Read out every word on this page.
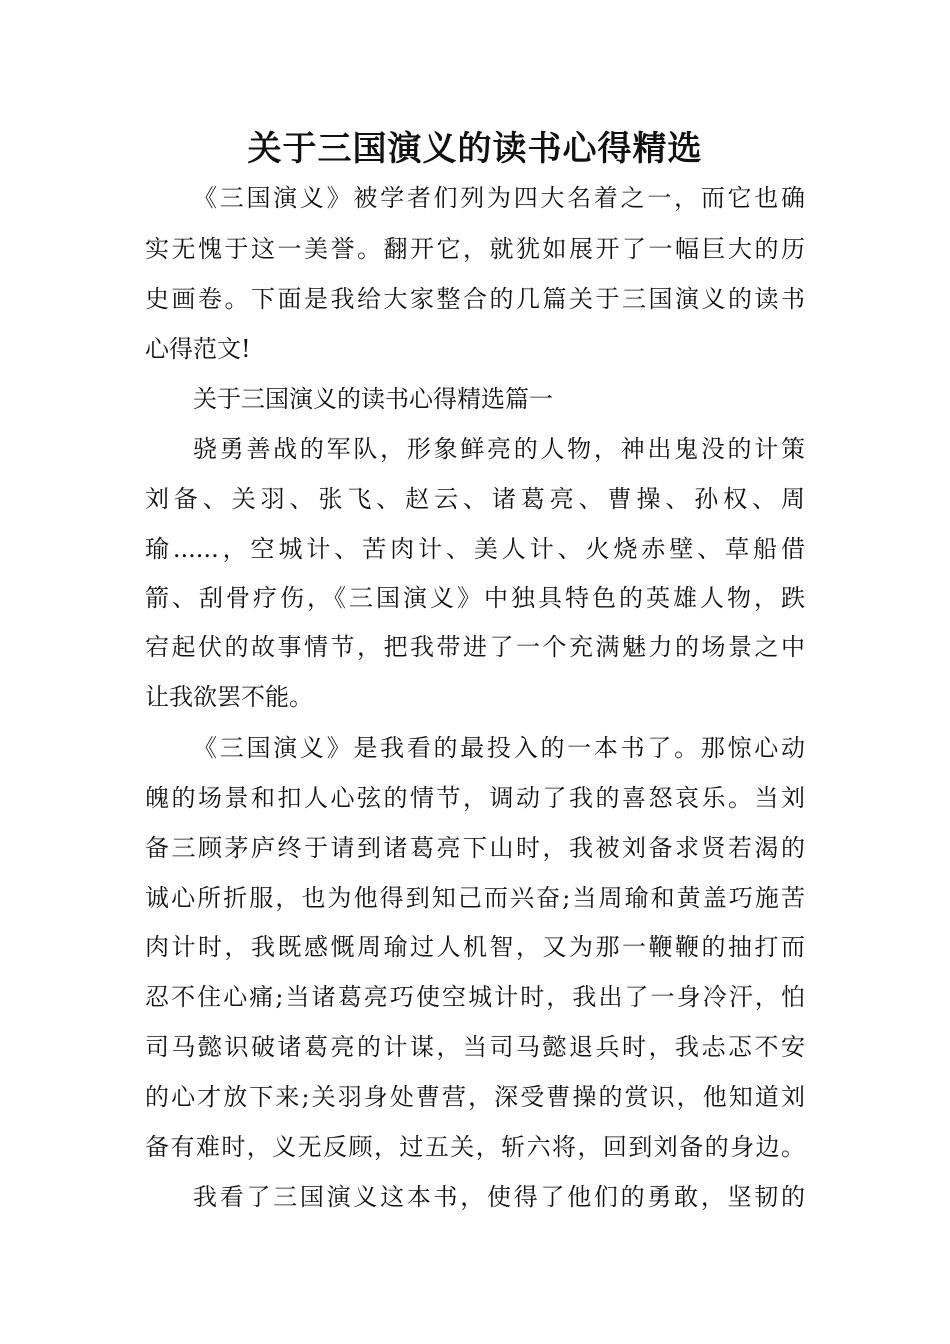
关于三国演义的读书心得精选
《三国演义》被学者们列为四大名着之一，而它也确
实无愧于这一美誉。翻开它，就犹如展开了一幅巨大的历
史画卷。下面是我给大家整合的几篇关于三国演义的读书
心得范文!
关于三国演义的读书心得精选篇一
骁勇善战的军队，形象鲜亮的人物，神出鬼没的计策
刘备、关羽、张飞、赵云、诸葛亮、曹操、孙权、周
瑜......，空城计、苦肉计、美人计、火烧赤壁、草船借
箭、刮骨疗伤，《三国演义》中独具特色的英雄人物，跌
宕起伏的故事情节，把我带进了一个充满魅力的场景之中
让我欲罢不能。
《三国演义》是我看的最投入的一本书了。那惊心动
魄的场景和扣人心弦的情节，调动了我的喜怒哀乐。当刘
备三顾茅庐终于请到诸葛亮下山时，我被刘备求贤若渴的
诚心所折服，也为他得到知己而兴奋;当周瑜和黄盖巧施苦
肉计时，我既感慨周瑜过人机智，又为那一鞭鞭的抽打而
忍不住心痛;当诸葛亮巧使空城计时，我出了一身冷汗，怕
司马懿识破诸葛亮的计谋，当司马懿退兵时，我忐忑不安
的心才放下来;关羽身处曹营，深受曹操的赏识，他知道刘
备有难时，义无反顾，过五关，斩六将，回到刘备的身边。
我看了三国演义这本书，使得了他们的勇敢，坚韧的
